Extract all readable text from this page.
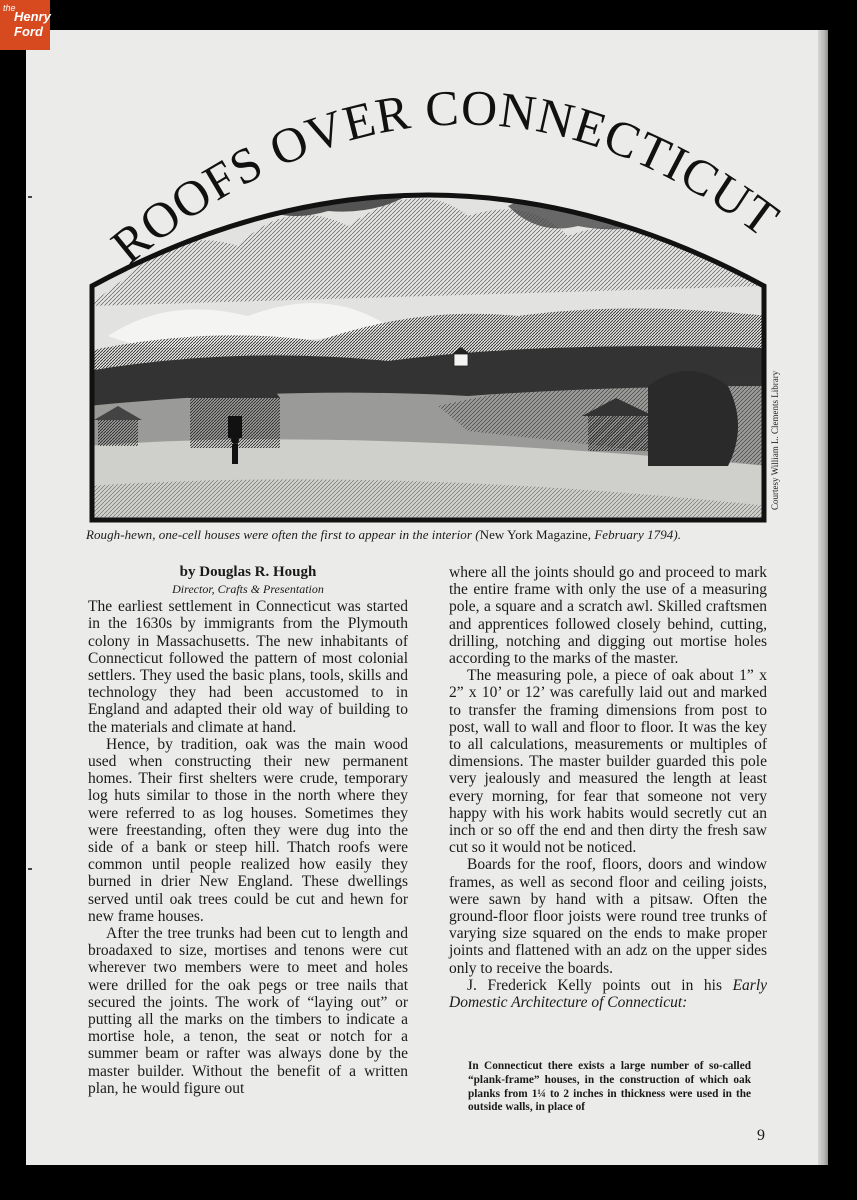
the
Henry
Ford
ROOFS OVER CONNECTICUT
Courtesy William L. Clements Library
Rough-hewn, one-cell houses were often the first to appear in the interior (New York Magazine, February 1794).
by Douglas R. Hough
Director, Crafts & Presentation

The earliest settlement in Connecticut was started in the 1630s by immigrants from the Plymouth colony in Massachusetts. The new inhabitants of Connecticut followed the pattern of most colonial settlers. They used the basic plans, tools, skills and technology they had been accustomed to in England and adapted their old way of building to the materials and climate at hand.

Hence, by tradition, oak was the main wood used when constructing their new permanent homes. Their first shelters were crude, temporary log huts similar to those in the north where they were referred to as log houses. Sometimes they were freestanding, often they were dug into the side of a bank or steep hill. Thatch roofs were common until people realized how easily they burned in drier New England. These dwellings served until oak trees could be cut and hewn for new frame houses.

After the tree trunks had been cut to length and broadaxed to size, mortises and tenons were cut wherever two members were to meet and holes were drilled for the oak pegs or tree nails that secured the joints. The work of “laying out” or putting all the marks on the timbers to indicate a mortise hole, a tenon, the seat or notch for a summer beam or rafter was always done by the master builder. Without the benefit of a written plan, he would figure out

where all the joints should go and proceed to mark the entire frame with only the use of a measuring pole, a square and a scratch awl. Skilled craftsmen and apprentices followed closely behind, cutting, drilling, notching and digging out mortise holes according to the marks of the master.

The measuring pole, a piece of oak about 1” x 2” x 10’ or 12’ was carefully laid out and marked to transfer the framing dimensions from post to post, wall to wall and floor to floor. It was the key to all calculations, measurements or multiples of dimensions. The master builder guarded this pole very jealously and measured the length at least every morning, for fear that someone not very happy with his work habits would secretly cut an inch or so off the end and then dirty the fresh saw cut so it would not be noticed.

Boards for the roof, floors, doors and window frames, as well as second floor and ceiling joists, were sawn by hand with a pitsaw. Often the ground-floor floor joists were round tree trunks of varying size squared on the ends to make proper joints and flattened with an adz on the upper sides only to receive the boards.

J. Frederick Kelly points out in his Early Domestic Architecture of Connecticut:

In Connecticut there exists a large number of so-called “plank-frame” houses, in the construction of which oak planks from 1¼ to 2 inches in thickness were used in the outside walls, in place of
9
